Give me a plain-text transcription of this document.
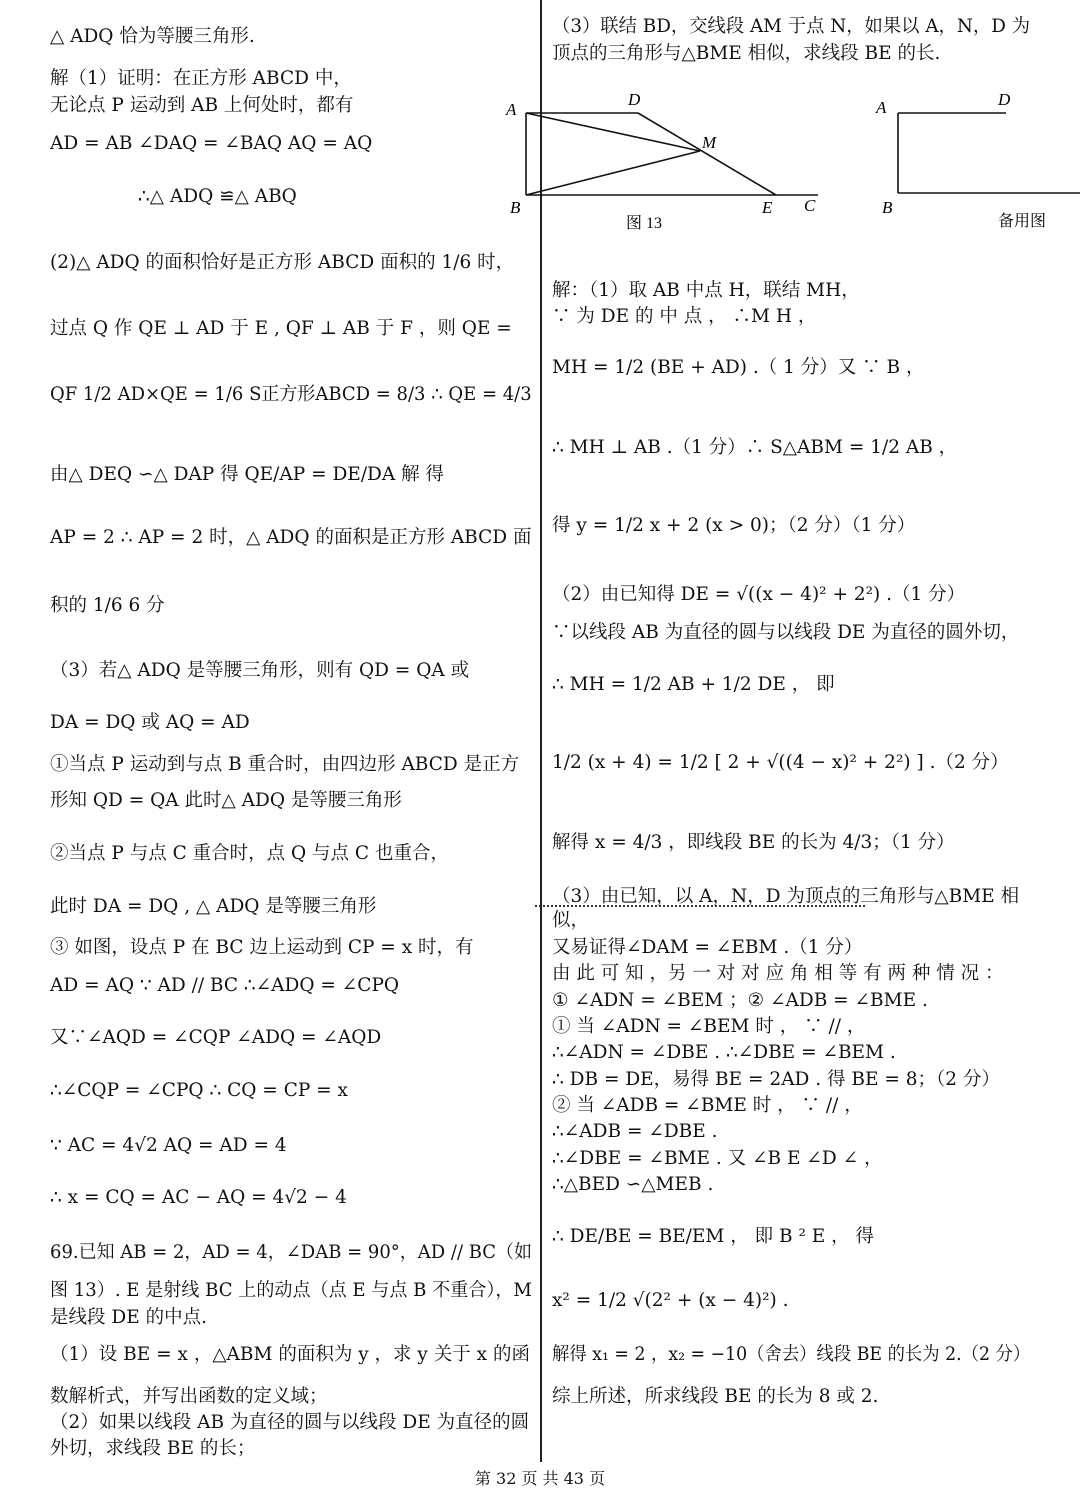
△ ADQ 恰为等腰三角形.
解（1）证明：在正方形 ABCD 中，
无论点 P 运动到 AB 上何处时，都有
AD = AB ∠DAQ = ∠BAQ AQ = AQ
∴△ ADQ ≌△ ABQ
(2)△ ADQ 的面积恰好是正方形 ABCD 面积的 1/6 时，
过点 Q 作 QE ⊥ AD 于 E , QF ⊥ AB 于 F ，则 QE =
QF 1/2 AD×QE = 1/6 S正方形ABCD = 8/3 ∴ QE = 4/3
由△ DEQ ∽△ DAP 得 QE/AP = DE/DA 解 得
AP = 2 ∴ AP = 2 时，△ ADQ 的面积是正方形 ABCD 面
积的 1/6 6 分
（3）若△ ADQ 是等腰三角形，则有 QD = QA 或
DA = DQ 或 AQ = AD
①当点 P 运动到与点 B 重合时，由四边形 ABCD 是正方
形知 QD = QA 此时△ ADQ 是等腰三角形
②当点 P 与点 C 重合时，点 Q 与点 C 也重合，
此时 DA = DQ , △ ADQ 是等腰三角形
③ 如图，设点 P 在 BC 边上运动到 CP = x 时，有
AD = AQ ∵ AD // BC ∴∠ADQ = ∠CPQ
又∵∠AQD = ∠CQP ∠ADQ = ∠AQD
∴∠CQP = ∠CPQ ∴ CQ = CP = x
∵ AC = 4√2 AQ = AD = 4
∴ x = CQ = AC − AQ = 4√2 − 4
69.已知 AB = 2，AD = 4，∠DAB = 90°，AD // BC（如
图 13）. E 是射线 BC 上的动点（点 E 与点 B 不重合），M
是线段 DE 的中点.
（1）设 BE = x ，△ABM 的面积为 y ，求 y 关于 x 的函
数解析式，并写出函数的定义域；
（2）如果以线段 AB 为直径的圆与以线段 DE 为直径的圆
外切，求线段 BE 的长；
（3）联结 BD，交线段 AM 于点 N，如果以 A，N，D 为
顶点的三角形与△BME 相似，求线段 BE 的长.
解：（1）取 AB 中点 H，联结 MH，
∵ 为 DE 的 中 点 ， ∴M H ，
MH = 1/2 (BE + AD) .（ 1 分）又 ∵ B ，
∴ MH ⊥ AB .（1 分）∴ S△ABM = 1/2 AB ，
得 y = 1/2 x + 2 (x > 0)；（2 分）（1 分）
（2）由已知得 DE = √((x − 4)² + 2²) .（1 分）
∵以线段 AB 为直径的圆与以线段 DE 为直径的圆外切，
∴ MH = 1/2 AB + 1/2 DE ， 即
1/2 (x + 4) = 1/2 [ 2 + √((4 − x)² + 2²) ] .（2 分）
解得 x = 4/3 ，即线段 BE 的长为 4/3；（1 分）
（3）由已知，以 A，N，D 为顶点的三角形与△BME 相
似，
又易证得∠DAM = ∠EBM .（1 分）
由 此 可 知 ，另 一 对 对 应 角 相 等 有 两 种 情 况 ：
① ∠ADN = ∠BEM ；② ∠ADB = ∠BME .
① 当 ∠ADN = ∠BEM 时 ， ∵ // ，
∴∠ADN = ∠DBE . ∴∠DBE = ∠BEM .
∴ DB = DE，易得 BE = 2AD . 得 BE = 8；（2 分）
② 当 ∠ADB = ∠BME 时 ， ∵ // ，
∴∠ADB = ∠DBE .
∴∠DBE = ∠BME . 又 ∠B E ∠D ∠ ，
∴△BED ∽△MEB .
∴ DE/BE = BE/EM ， 即 B ² E ， 得
x² = 1/2 √(2² + (x − 4)²) .
解得 x₁ = 2 ，x₂ = −10（舍去）线段 BE 的长为 2.（2 分）
综上所述，所求线段 BE 的长为 8 或 2.
A
D
M
B	E C
图 13
A	D
B
备用图
第 32 页 共 43 页
